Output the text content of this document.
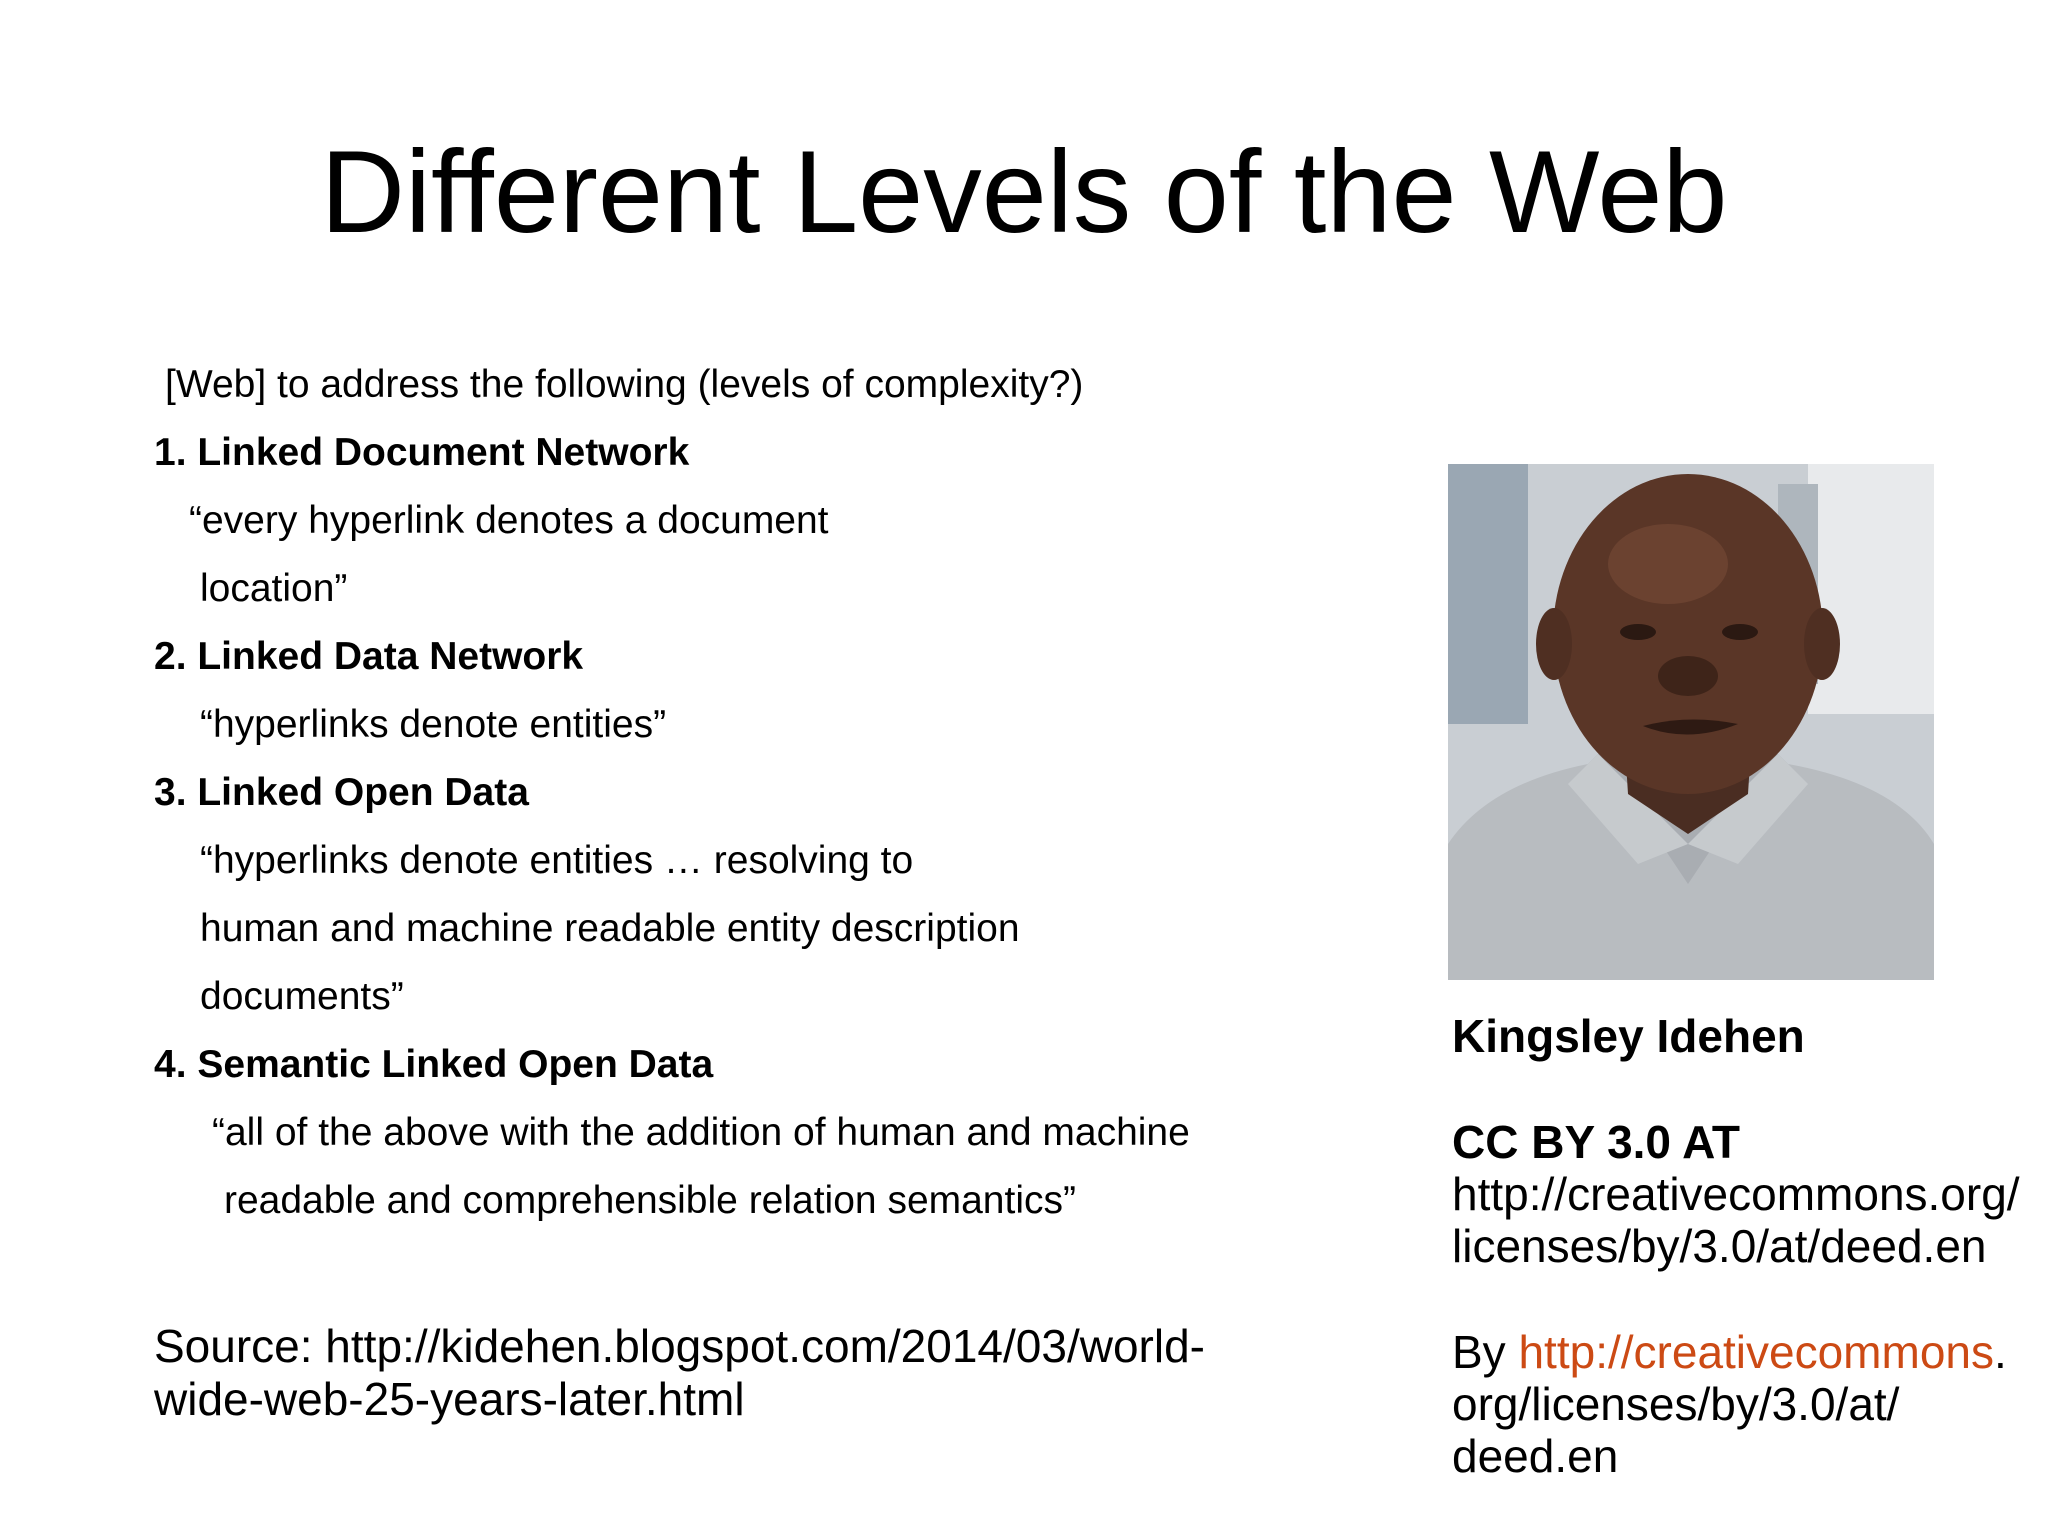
Different Levels of the Web
[Web] to address the following (levels of complexity?)
1. Linked Document Network
“every hyperlink denotes a document
location”
2. Linked Data Network
“hyperlinks denote entities”
3. Linked Open Data
“hyperlinks denote entities … resolving to
human and machine readable entity description
documents”
4. Semantic Linked Open Data
“all of the above with the addition of human and machine
readable and comprehensible relation semantics”
Source: http://kidehen.blogspot.com/2014/03/world-
wide-web-25-years-later.html
Kingsley Idehen
CC BY 3.0 AT
http://creativecommons.org/
licenses/by/3.0/at/deed.en
By http://creativecommons.
org/licenses/by/3.0/at/
deed.en
